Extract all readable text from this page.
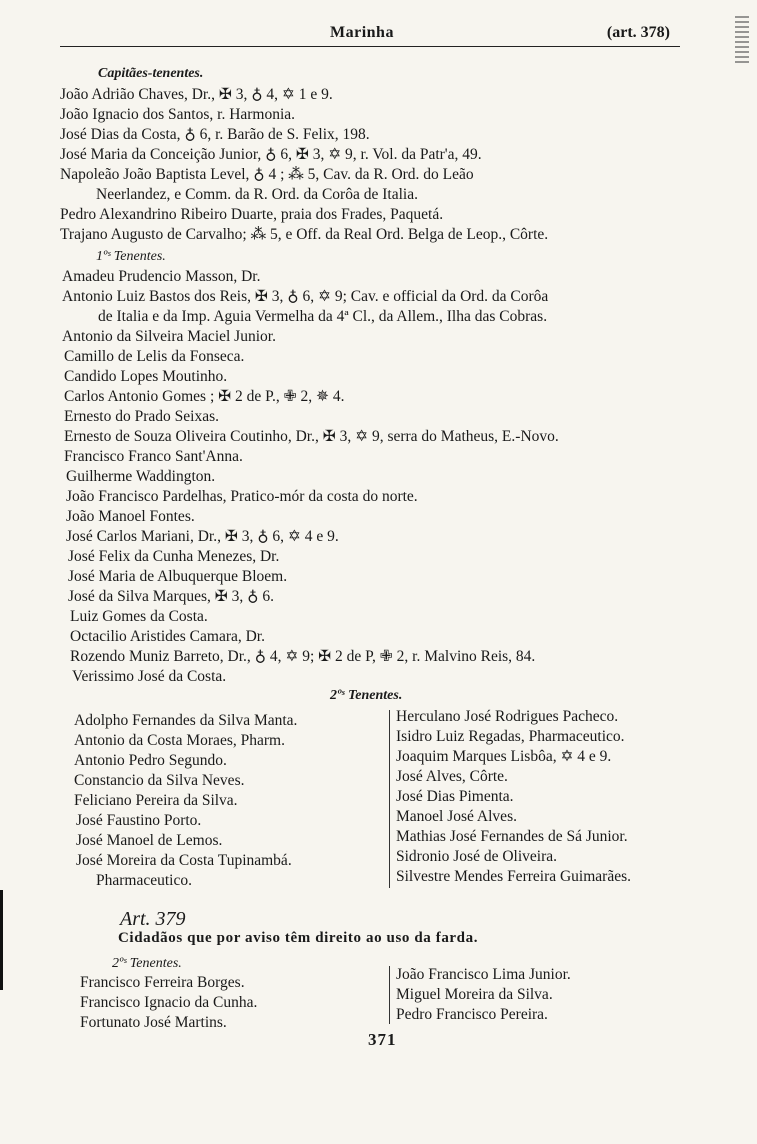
Marinha	(art. 378)
Capitães-tenentes.
João Adrião Chaves, Dr., ✠ 3, ♁ 4, ✡ 1 e 9.
João Ignacio dos Santos, r. Harmonia.
José Dias da Costa, ♁ 6, r. Barão de S. Felix, 198.
José Maria da Conceição Junior, ♁ 6, ✠ 3, ✡ 9, r. Vol. da Patr'a, 49.
Napoleão João Baptista Level, ♁ 4 ; ⁂ 5, Cav. da R. Ord. do Leão
Neerlandez, e Comm. da R. Ord. da Corôa de Italia.
Pedro Alexandrino Ribeiro Duarte, praia dos Frades, Paquetá.
Trajano Augusto de Carvalho; ⁂ 5, e Off. da Real Ord. Belga de Leop., Côrte.
1ºˢ Tenentes.
Amadeu Prudencio Masson, Dr.
Antonio Luiz Bastos dos Reis, ✠ 3, ♁ 6, ✡ 9; Cav. e official da Ord. da Corôa
de Italia e da Imp. Aguia Vermelha da 4ª Cl., da Allem., Ilha das Cobras.
Antonio da Silveira Maciel Junior.
Camillo de Lelis da Fonseca.
Candido Lopes Moutinho.
Carlos Antonio Gomes ; ✠ 2 de P., ✙ 2, ✵ 4.
Ernesto do Prado Seixas.
Ernesto de Souza Oliveira Coutinho, Dr., ✠ 3, ✡ 9, serra do Matheus, E.-Novo.
Francisco Franco Sant'Anna.
Guilherme Waddington.
João Francisco Pardelhas, Pratico-mór da costa do norte.
João Manoel Fontes.
José Carlos Mariani, Dr., ✠ 3, ♁ 6, ✡ 4 e 9.
José Felix da Cunha Menezes, Dr.
José Maria de Albuquerque Bloem.
José da Silva Marques, ✠ 3, ♁ 6.
Luiz Gomes da Costa.
Octacilio Aristides Camara, Dr.
Rozendo Muniz Barreto, Dr., ♁ 4, ✡ 9; ✠ 2 de P, ✙ 2, r. Malvino Reis, 84.
Verissimo José da Costa.
2ºˢ Tenentes.
Adolpho Fernandes da Silva Manta.
Antonio da Costa Moraes, Pharm.
Antonio Pedro Segundo.
Constancio da Silva Neves.
Feliciano Pereira da Silva.
José Faustino Porto.
José Manoel de Lemos.
José Moreira da Costa Tupinambá.
Pharmaceutico.
Herculano José Rodrigues Pacheco.
Isidro Luiz Regadas, Pharmaceutico.
Joaquim Marques Lisbôa, ✡ 4 e 9.
José Alves, Côrte.
José Dias Pimenta.
Manoel José Alves.
Mathias José Fernandes de Sá Junior.
Sidronio José de Oliveira.
Silvestre Mendes Ferreira Guimarães.
Art. 379
Cidadãos que por aviso têm direito ao uso da farda.
2ºˢ Tenentes.
Francisco Ferreira Borges.
Francisco Ignacio da Cunha.
Fortunato José Martins.
João Francisco Lima Junior.
Miguel Moreira da Silva.
Pedro Francisco Pereira.
371
